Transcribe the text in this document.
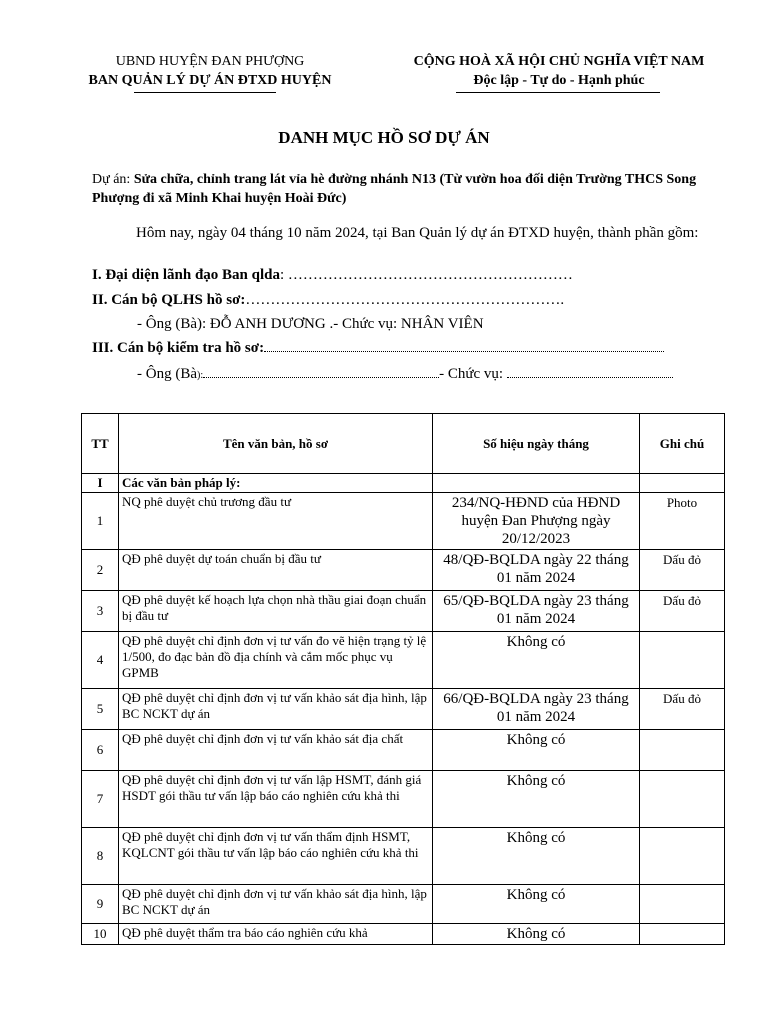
UBND HUYỆN ĐAN PHƯỢNG
BAN QUẢN LÝ DỰ ÁN ĐTXD HUYỆN
CỘNG HOÀ XÃ HỘI CHỦ NGHĨA VIỆT NAM
Độc lập - Tự do - Hạnh phúc
DANH MỤC HỒ SƠ DỰ ÁN
Dự án: Sửa chữa, chỉnh trang lát vỉa hè đường nhánh N13 (Từ vườn hoa đối diện Trường THCS Song Phượng đi xã Minh Khai huyện Hoài Đức)
Hôm nay, ngày 04 tháng 10 năm 2024, tại Ban Quản lý dự án ĐTXD huyện, thành phần gồm:
I. Đại diện lãnh đạo Ban qlda: …………………………………………………
II. Cán bộ QLHS hồ sơ:……………………………………………………….
- Ông (Bà): ĐỖ ANH DƯƠNG .- Chức vụ: NHÂN VIÊN
III. Cán bộ kiểm tra hồ sơ:
- Ông (Bà):	- Chức vụ:
TT	Tên văn bản, hồ sơ	Số hiệu ngày tháng	Ghi chú
I	Các văn bản pháp lý:		
1	NQ phê duyệt chủ trương đầu tư	234/NQ-HĐND của HĐND huyện Đan Phượng ngày 20/12/2023	Photo
2	QĐ phê duyệt dự toán chuẩn bị đầu tư	48/QĐ-BQLDA ngày 22 tháng 01 năm 2024	Dấu đỏ
3	QĐ phê duyệt kế hoạch lựa chọn nhà thầu giai đoạn chuẩn bị đầu tư	65/QĐ-BQLDA ngày 23 tháng 01 năm 2024	Dấu đỏ
4	QĐ phê duyệt chỉ định đơn vị tư vấn đo vẽ hiện trạng tỷ lệ 1/500, đo đạc bản đồ địa chính và cắm mốc phục vụ GPMB	Không có	
5	QĐ phê duyệt chỉ định đơn vị tư vấn khảo sát địa hình, lập BC NCKT dự án	66/QĐ-BQLDA ngày 23 tháng 01 năm 2024	Dấu đỏ
6	QĐ phê duyệt chỉ định đơn vị tư vấn khảo sát địa chất	Không có	
7	QĐ phê duyệt chỉ định đơn vị tư vấn lập HSMT, đánh giá HSDT gói thầu tư vấn lập báo cáo nghiên cứu khả thi	Không có	
8	QĐ phê duyệt chỉ định đơn vị tư vấn thẩm định HSMT, KQLCNT gói thầu tư vấn lập báo cáo nghiên cứu khả thi	Không có	
9	QĐ phê duyệt chỉ định đơn vị tư vấn khảo sát địa hình, lập BC NCKT dự án	Không có	
10	QĐ phê duyệt thẩm tra báo cáo nghiên cứu khả	Không có	
